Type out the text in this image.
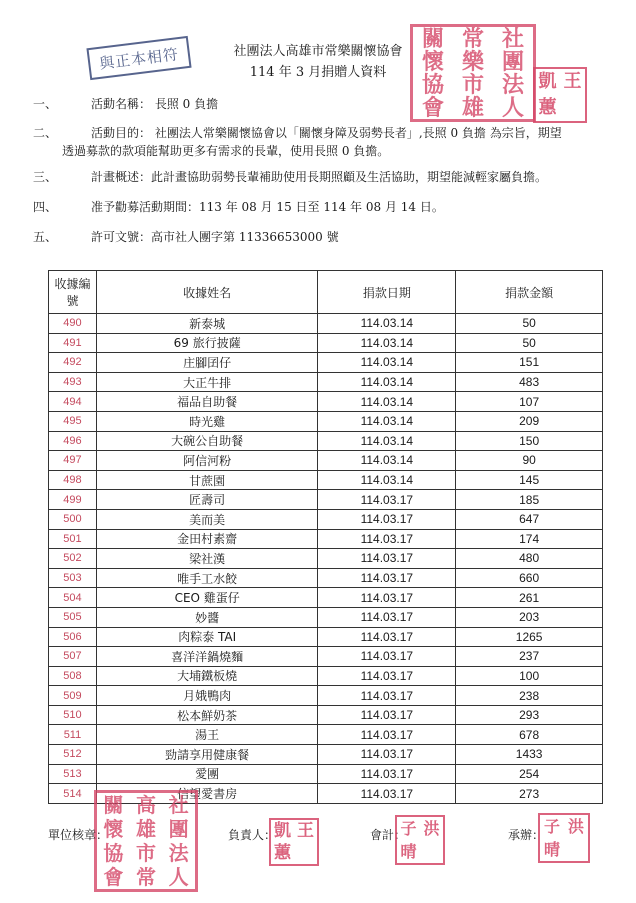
社團法人高雄市常樂關懷協會
114 年 3 月捐贈人資料
與正本相符
關
懷
協
會
常
樂
市
雄
社
團
法
人
凱
蕙
王
一、	活動名稱： 長照 0 負擔
二、	活動目的： 社團法人常樂關懷協會以「關懷身障及弱勢長者」,長照 0 負擔 為宗旨，期望
透過募款的款項能幫助更多有需求的長輩，使用長照 0 負擔。
三、	計畫概述：此計畫協助弱勢長輩補助使用長期照顧及生活協助，期望能減輕家屬負擔。
四、	准予勸募活動期間：113 年 08 月 15 日至 114 年 08 月 14 日。
五、	許可文號：高市社人團字第 11336653000 號
收據編號	收據姓名	捐款日期	捐款金額
490	新泰城	114.03.14	50
491	69 旅行披薩	114.03.14	50
492	庄腳囝仔	114.03.14	151
493	大正牛排	114.03.14	483
494	福品自助餐	114.03.14	107
495	時光雞	114.03.14	209
496	大碗公自助餐	114.03.14	150
497	阿信河粉	114.03.14	90
498	甘蔗園	114.03.14	145
499	匠壽司	114.03.17	185
500	美而美	114.03.17	647
501	金田村素齋	114.03.17	174
502	梁社漢	114.03.17	480
503	唯手工水餃	114.03.17	660
504	CEO 雞蛋仔	114.03.17	261
505	妙醬	114.03.17	203
506	肉粽泰 TAI	114.03.17	1265
507	喜洋洋鍋燒麵	114.03.17	237
508	大埔鐵板燒	114.03.17	100
509	月娥鴨肉	114.03.17	238
510	松本鮮奶茶	114.03.17	293
511	湯王	114.03.17	678
512	勁請享用健康餐	114.03.17	1433
513	愛團	114.03.17	254
514	信望愛書房	114.03.17	273
關
懷
協
會
高
雄
市
常
社
團
法
人
單位核章：	負責人：	會計：	承辦：
凱
蕙
王	子
晴
洪	子
晴
洪
